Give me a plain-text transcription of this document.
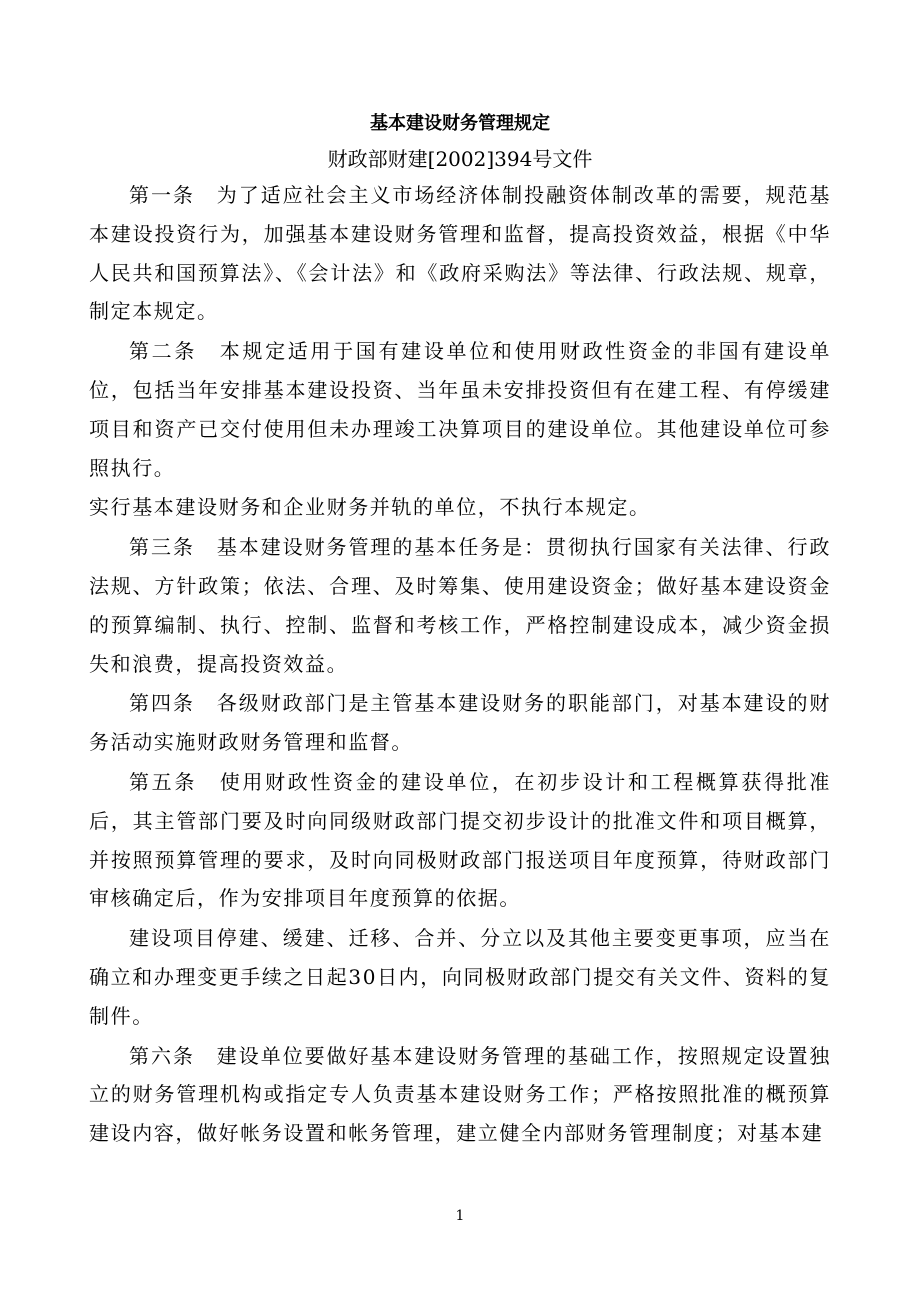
基本建设财务管理规定
财政部财建[2002]394号文件

第一条　为了适应社会主义市场经济体制投融资体制改革的需要，规范基本建设投资行为，加强基本建设财务管理和监督，提高投资效益，根据《中华人民共和国预算法》、《会计法》和《政府采购法》等法律、行政法规、规章，制定本规定。

第二条　本规定适用于国有建设单位和使用财政性资金的非国有建设单位，包括当年安排基本建设投资、当年虽未安排投资但有在建工程、有停缓建项目和资产已交付使用但未办理竣工决算项目的建设单位。其他建设单位可参照执行。

实行基本建设财务和企业财务并轨的单位，不执行本规定。

第三条　基本建设财务管理的基本任务是：贯彻执行国家有关法律、行政法规、方针政策；依法、合理、及时筹集、使用建设资金；做好基本建设资金的预算编制、执行、控制、监督和考核工作，严格控制建设成本，减少资金损失和浪费，提高投资效益。

第四条　各级财政部门是主管基本建设财务的职能部门，对基本建设的财务活动实施财政财务管理和监督。

第五条　使用财政性资金的建设单位，在初步设计和工程概算获得批准后，其主管部门要及时向同级财政部门提交初步设计的批准文件和项目概算，并按照预算管理的要求，及时向同极财政部门报送项目年度预算，待财政部门审核确定后，作为安排项目年度预算的依据。

建设项目停建、缓建、迁移、合并、分立以及其他主要变更事项，应当在确立和办理变更手续之日起30日内，向同极财政部门提交有关文件、资料的复制件。

第六条　建设单位要做好基本建设财务管理的基础工作，按照规定设置独立的财务管理机构或指定专人负责基本建设财务工作；严格按照批准的概预算建设内容，做好帐务设置和帐务管理，建立健全内部财务管理制度；对基本建

1
